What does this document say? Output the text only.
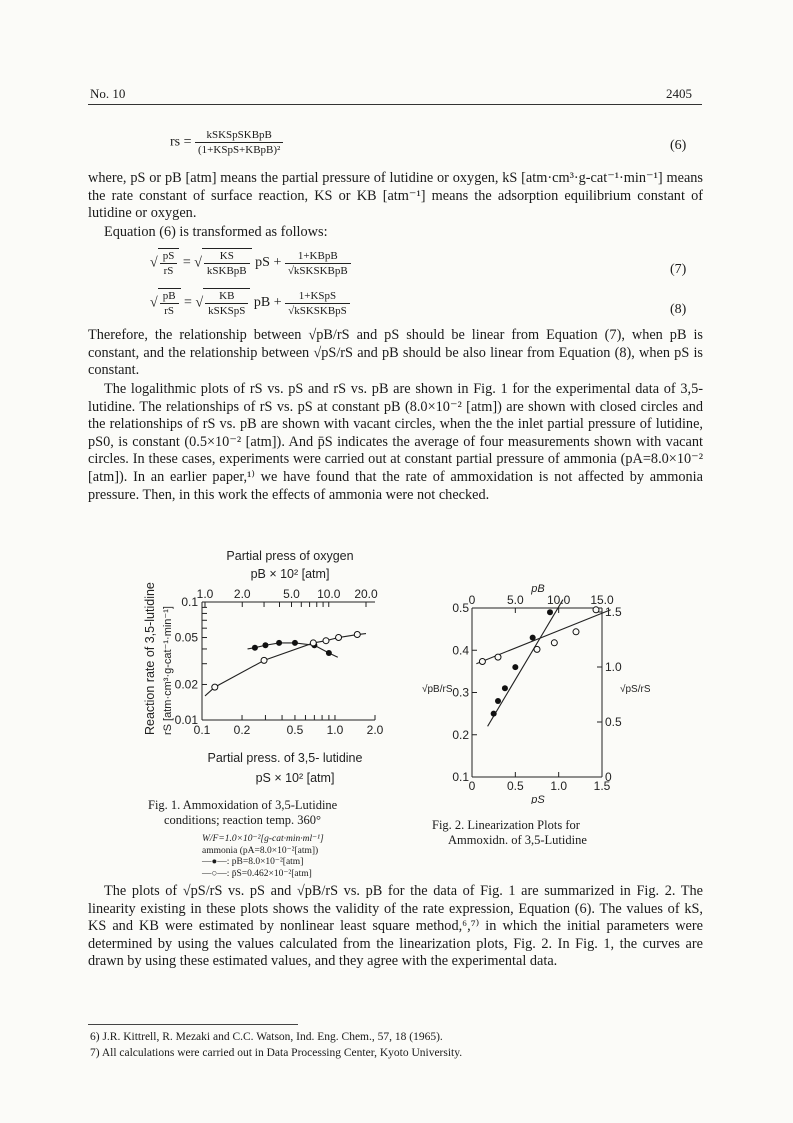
No. 10	2405
rs = $\frac{\text{kSKSpSKBpB}}{\text{(1+KSpS+KBpB)²}}$	(6)

where, pS or pB [atm] means the partial pressure of lutidine or oxygen, kS [atm·cm³·g-cat⁻¹·min⁻¹] means the rate constant of surface reaction, KS or KB [atm⁻¹] means the adsorption equilibrium constant of lutidine or oxygen.

Equation (6) is transformed as follows:

√ $\frac{pS}{rS}$ = √ $\frac{KS}{\text{kSKBpB}}$ pS + $\frac{\text{1+KBpB}}{\text{√kSKSKBpB}}$	(7)
√ $\frac{pB}{rS}$ = √ $\frac{KB}{\text{kSKSpS}}$ pB + $\frac{\text{1+KSpS}}{\text{√kSKSKBpS}}$	(8)

Therefore, the relationship between √pB/rS and pS should be linear from Equation (7), when pB is constant, and the relationship between √pS/rS and pB should be also linear from Equation (8), when pS is constant.

The logalithmic plots of rS vs. pS and rS vs. pB are shown in Fig. 1 for the experimental data of 3,5-lutidine. The relationships of rS vs. pS at constant pB (8.0×10⁻² [atm]) are shown with closed circles and the relationships of rS vs. pB are shown with vacant circles, when the the inlet partial pressure of lutidine, pS0, is constant (0.5×10⁻² [atm]). And p̄S indicates the average of four measurements shown with vacant circles. In these cases, experiments were carried out at constant partial pressure of ammonia (pA=8.0×10⁻² [atm]). In an earlier paper,¹⁾ we have found that the rate of ammoxidation is not affected by ammonia pressure. Then, in this work the effects of ammonia were not checked.

Partial press of oxygen
pB × 10² [atm]
Reaction rate of 3,5-lutidine rS [atm·cm³·g-cat⁻¹·min⁻¹]
Partial press. of 3,5- lutidine
pS × 10² [atm]
0.1 0.2	0.5 1.0 2.0
1.0 2.0	5.0 10.0 20.0
0.1
0.05
0.02
0.01
Fig. 1. Ammoxidation of 3,5-Lutidine
conditions; reaction temp. 360°
W/F=1.0×10⁻²[g-cat·min·ml⁻¹]
ammonia (pA=8.0×10⁻²[atm])
—●—: pB=8.0×10⁻²[atm]
—○—: p̄S=0.462×10⁻²[atm]
pB
√pB/rS	√pS/rS
pS
0	0.5 1.0 1.5
0	5.0 10.0 15.0
0.5
0.4
0.3
0.2
0.1
1.5
1.0
0.5
0
Fig. 2. Linearization Plots for
Ammoxidn. of 3,5-Lutidine

The plots of √pS/rS vs. pS and √pB/rS vs. pB for the data of Fig. 1 are summarized in Fig. 2. The linearity existing in these plots shows the validity of the rate expression, Equation (6). The values of kS, KS and KB were estimated by nonlinear least square method,⁶,⁷⁾ in which the initial parameters were determined by using the values calculated from the linearization plots, Fig. 2. In Fig. 1, the curves are drawn by using these estimated values, and they agree with the experimental data.

6) J.R. Kittrell, R. Mezaki and C.C. Watson, Ind. Eng. Chem., 57, 18 (1965).

7) All calculations were carried out in Data Processing Center, Kyoto University.
